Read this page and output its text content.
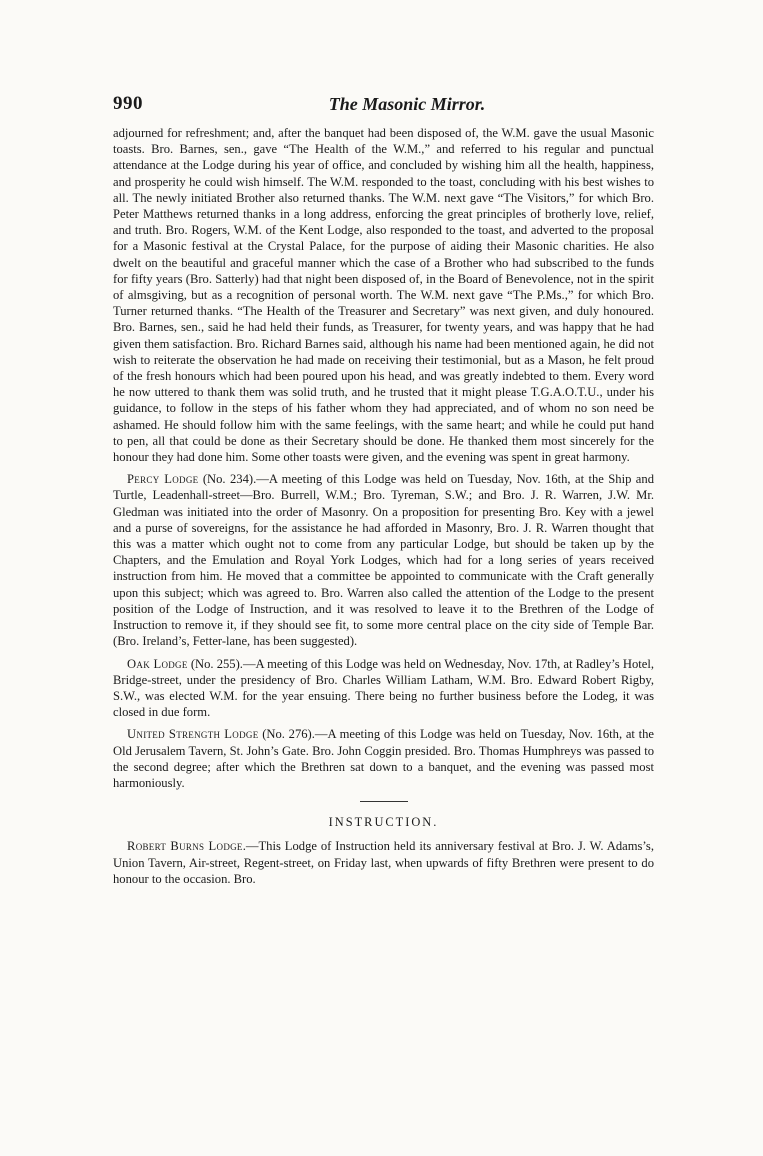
990	The Masonic Mirror.

adjourned for refreshment; and, after the banquet had been disposed of, the W.M. gave the usual Masonic toasts. Bro. Barnes, sen., gave “The Health of the W.M.,” and referred to his regular and punctual attendance at the Lodge during his year of office, and concluded by wishing him all the health, happiness, and prosperity he could wish himself. The W.M. responded to the toast, concluding with his best wishes to all. The newly initiated Brother also returned thanks. The W.M. next gave “The Visitors,” for which Bro. Peter Matthews returned thanks in a long address, enforcing the great principles of brotherly love, relief, and truth. Bro. Rogers, W.M. of the Kent Lodge, also responded to the toast, and adverted to the proposal for a Masonic festival at the Crystal Palace, for the purpose of aiding their Masonic charities. He also dwelt on the beautiful and graceful manner which the case of a Brother who had subscribed to the funds for fifty years (Bro. Satterly) had that night been disposed of, in the Board of Benevolence, not in the spirit of almsgiving, but as a recognition of personal worth. The W.M. next gave “The P.Ms.,” for which Bro. Turner returned thanks. “The Health of the Treasurer and Secretary” was next given, and duly honoured. Bro. Barnes, sen., said he had held their funds, as Treasurer, for twenty years, and was happy that he had given them satisfaction. Bro. Richard Barnes said, although his name had been mentioned again, he did not wish to reiterate the observation he had made on receiving their testimonial, but as a Mason, he felt proud of the fresh honours which had been poured upon his head, and was greatly indebted to them. Every word he now uttered to thank them was solid truth, and he trusted that it might please T.G.A.O.T.U., under his guidance, to follow in the steps of his father whom they had appreciated, and of whom no son need be ashamed. He should follow him with the same feelings, with the same heart; and while he could put hand to pen, all that could be done as their Secretary should be done. He thanked them most sincerely for the honour they had done him. Some other toasts were given, and the evening was spent in great harmony.

Percy Lodge (No. 234).—A meeting of this Lodge was held on Tuesday, Nov. 16th, at the Ship and Turtle, Leadenhall-street—Bro. Burrell, W.M.; Bro. Tyreman, S.W.; and Bro. J. R. Warren, J.W. Mr. Gledman was initiated into the order of Masonry. On a proposition for presenting Bro. Key with a jewel and a purse of sovereigns, for the assistance he had afforded in Masonry, Bro. J. R. Warren thought that this was a matter which ought not to come from any particular Lodge, but should be taken up by the Chapters, and the Emulation and Royal York Lodges, which had for a long series of years received instruction from him. He moved that a committee be appointed to communicate with the Craft generally upon this subject; which was agreed to. Bro. Warren also called the attention of the Lodge to the present position of the Lodge of Instruction, and it was resolved to leave it to the Brethren of the Lodge of Instruction to remove it, if they should see fit, to some more central place on the city side of Temple Bar. (Bro. Ireland’s, Fetter-lane, has been suggested).

Oak Lodge (No. 255).—A meeting of this Lodge was held on Wednesday, Nov. 17th, at Radley’s Hotel, Bridge-street, under the presidency of Bro. Charles William Latham, W.M. Bro. Edward Robert Rigby, S.W., was elected W.M. for the year ensuing. There being no further business before the Lodeg, it was closed in due form.

United Strength Lodge (No. 276).—A meeting of this Lodge was held on Tuesday, Nov. 16th, at the Old Jerusalem Tavern, St. John’s Gate. Bro. John Coggin presided. Bro. Thomas Humphreys was passed to the second degree; after which the Brethren sat down to a banquet, and the evening was passed most harmoniously.

INSTRUCTION.

Robert Burns Lodge.—This Lodge of Instruction held its anniversary festival at Bro. J. W. Adams’s, Union Tavern, Air-street, Regent-street, on Friday last, when upwards of fifty Brethren were present to do honour to the occasion. Bro.
